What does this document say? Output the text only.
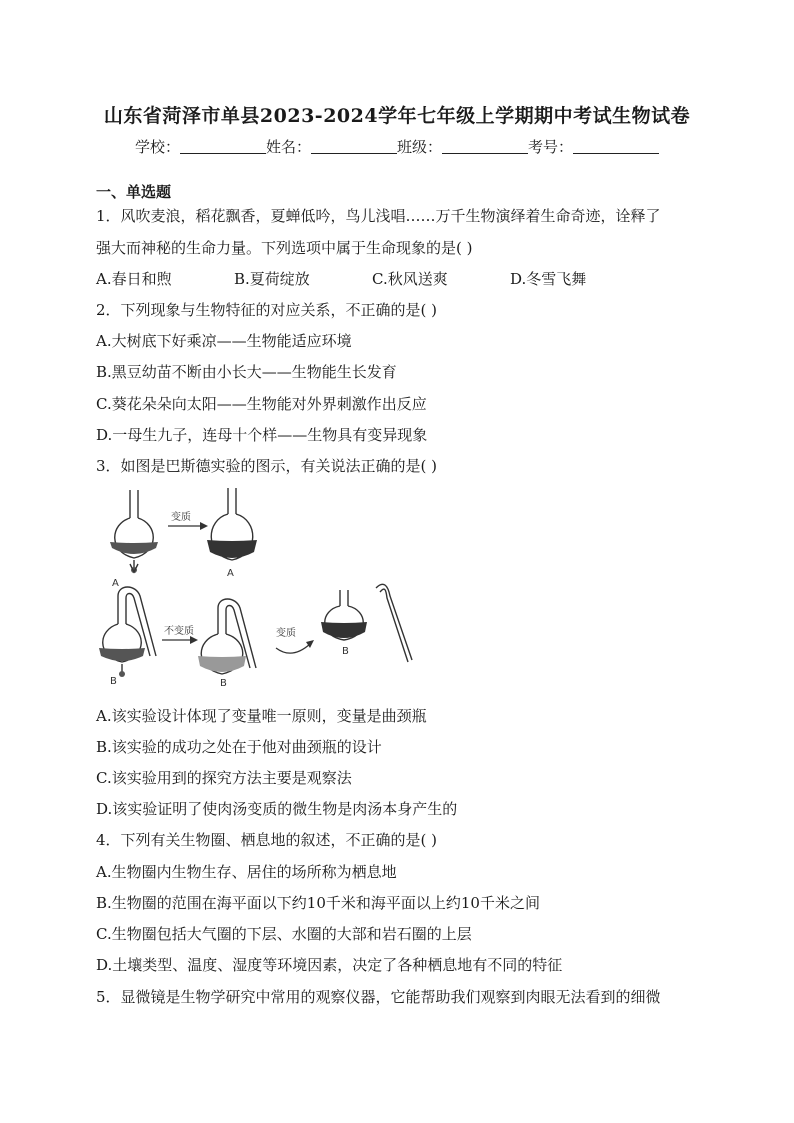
山东省菏泽市单县2023-2024学年七年级上学期期中考试生物试卷
学校：	姓名：	班级：	考号：
一、单选题
1．风吹麦浪，稻花飘香，夏蝉低吟，鸟儿浅唱……万千生物演绎着生命奇迹，诠释了
强大而神秘的生命力量。下列选项中属于生命现象的是( )
A.春日和煦	B.夏荷绽放	C.秋风送爽	D.冬雪飞舞
2．下列现象与生物特征的对应关系，不正确的是( )
A.大树底下好乘凉——生物能适应环境
B.黑豆幼苗不断由小长大——生物能生长发育
C.葵花朵朵向太阳——生物能对外界刺激作出反应
D.一母生九子，连母十个样——生物具有变异现象
3．如图是巴斯德实验的图示，有关说法正确的是( )
A
变质
A
B
不变质
B
变质
B
A.该实验设计体现了变量唯一原则，变量是曲颈瓶
B.该实验的成功之处在于他对曲颈瓶的设计
C.该实验用到的探究方法主要是观察法
D.该实验证明了使肉汤变质的微生物是肉汤本身产生的
4．下列有关生物圈、栖息地的叙述，不正确的是( )
A.生物圈内生物生存、居住的场所称为栖息地
B.生物圈的范围在海平面以下约10千米和海平面以上约10千米之间
C.生物圈包括大气圈的下层、水圈的大部和岩石圈的上层
D.土壤类型、温度、湿度等环境因素，决定了各种栖息地有不同的特征
5．显微镜是生物学研究中常用的观察仪器，它能帮助我们观察到肉眼无法看到的细微
